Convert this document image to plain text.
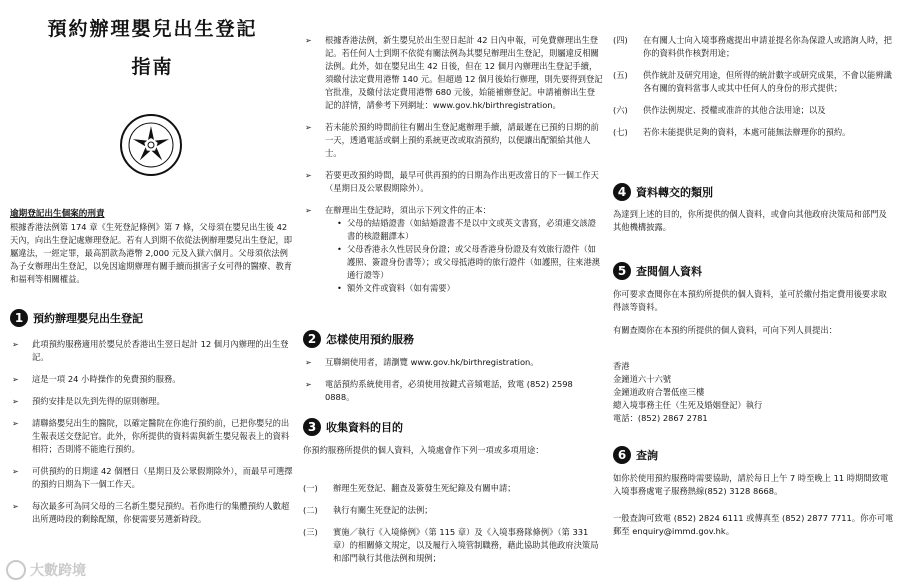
預約辦理嬰兒出生登記
指南
逾期登記出生個案的刑責
根據香港法例第 174 章《生死登記條例》第 7 條，父母須在嬰兒出生後 42 天內，向出生登記處辦理登記。若有人到期不依從法例辦理嬰兒出生登記，即屬違法，一經定罪，最高罰款為港幣 2,000 元及入獄六個月。父母須依法例為子女辦理出生登記，以免因逾期辦理有關手續而損害子女可得的醫療、教育和福利等相關權益。
1 預約辦理嬰兒出生登記
➢ 此項預約服務適用於嬰兒於香港出生翌日起計 12 個月內辦理的出生登記。
➢ 這是一項 24 小時操作的免費預約服務。
➢ 預約安排是以先到先得的原則辦理。
➢ 請聯絡嬰兒出生的醫院，以確定醫院在你進行預約前，已把你嬰兒的出生報表送交登記官。此外，你所提供的資料需與新生嬰兒報表上的資料相符；否則將不能進行預約。
➢ 可供預約的日期達 42 個曆日（星期日及公眾假期除外），而最早可選擇的預約日期為下一個工作天。
➢ 每次最多可為同父母的三名新生嬰兒預約。若你進行的集體預約人數超出所選時段的剩餘配額，你便需要另選新時段。
➢ 根據香港法例，新生嬰兒於出生翌日起計 42 日內申報，可免費辦理出生登記。若任何人士到期不依從有關法例為其嬰兒辦理出生登記，則屬違反相關法例。此外，如在嬰兒出生 42 日後，但在 12 個月內辦理出生登記手續，須繳付法定費用港幣 140 元。但超過 12 個月後始行辦理，則先要得到登記官批准，及繳付法定費用港幣 680 元後，始能補辦登記。申請補辦出生登記的詳情，請參考下列網址：www.gov.hk/birthregistration。
➢ 若未能於預約時間前往有關出生登記處辦理手續，請最遲在已預約日期的前一天，透過電話或網上預約系統更改或取消預約，以便讓出配額給其他人士。
➢ 若要更改預約時間，最早可供再預約的日期為作出更改當日的下一個工作天（星期日及公眾假期除外）。
➢ 在辦理出生登記時，須出示下列文件的正本：
• 父母的結婚證書（如結婚證書不是以中文或英文書寫，必須連交該證書的核證翻譯本）
• 父母香港永久性居民身份證；或父母香港身份證及有效旅行證件（如護照、簽證身份書等）；或父母抵港時的旅行證件（如護照，往來港澳通行證等）
• 額外文件或資料（如有需要）
2 怎樣使用預約服務
➢ 互聯網使用者，請瀏覽 www.gov.hk/birthregistration。
➢ 電話預約系統使用者，必須使用按鍵式音頻電話，致電 (852) 2598 0888。
3 收集資料的目的

你預約服務所提供的個人資料，入境處會作下列一項或多項用途：

(一) 辦理生死登記、翻查及簽發生死紀錄及有關申請；
(二) 執行有關生死登記的法例；
(三) 實施／執行《入境條例》（第 115 章）及《入境事務隊條例》（第 331 章）的相關條文規定，以及履行入境管制職務，藉此協助其他政府決策局和部門執行其他法例和規例；
(四) 在有關人士向入境事務處提出申請並提名你為保證人或諮詢人時，把你的資料供作核對用途；
(五) 供作統計及研究用途，但所得的統計數字或研究成果，不會以能辨識各有關的資料當事人或其中任何人的身份的形式提供；
(六) 供作法例規定、授權或准許的其他合法用途；以及
(七) 若你未能提供足夠的資料，本處可能無法辦理你的預約。
4 資料轉交的類別

為達到上述的目的，你所提供的個人資料，或會向其他政府決策局和部門及其他機構披露。

5 查閱個人資料

你可要求查閱你在本預約所提供的個人資料，並可於繳付指定費用後要求取得該等資料。

有關查閱你在本預約所提供的個人資料，可向下列人員提出：

香港
金鐘道六十六號
金鐘道政府合署低座三樓
總入境事務主任（生死及婚姻登記）執行
電話：(852) 2867 2781
6 查詢

如你於使用預約服務時需要協助，請於每日上午 7 時至晚上 11 時期間致電入境事務處電子服務熱線(852) 3128 8668。

一般查詢可致電 (852) 2824 6111 或傳真至 (852) 2877 7711。你亦可電郵至 enquiry@immd.gov.hk。

大數跨境
